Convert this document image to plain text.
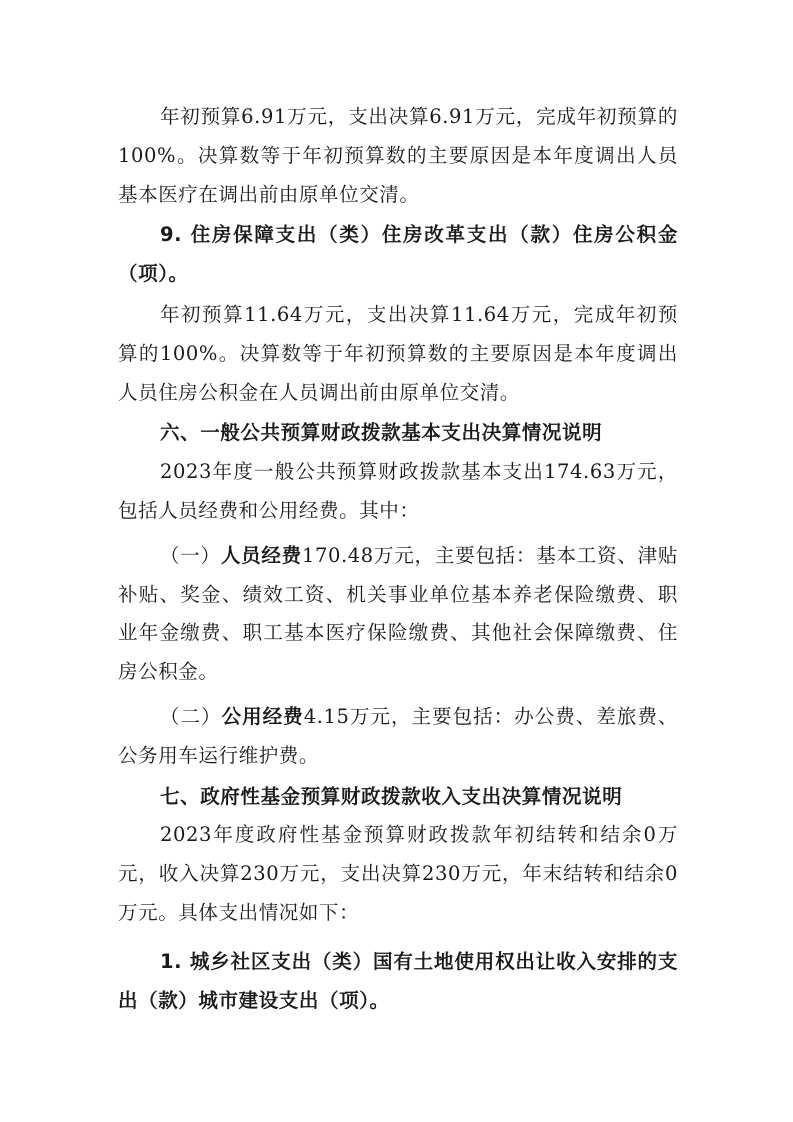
年初预算6.91万元，支出决算6.91万元，完成年初预算的100%。决算数等于年初预算数的主要原因是本年度调出人员基本医疗在调出前由原单位交清。

9. 住房保障支出（类）住房改革支出（款）住房公积金（项）。

年初预算11.64万元，支出决算11.64万元，完成年初预算的100%。决算数等于年初预算数的主要原因是本年度调出人员住房公积金在人员调出前由原单位交清。

六、一般公共预算财政拨款基本支出决算情况说明

2023年度一般公共预算财政拨款基本支出174.63万元，包括人员经费和公用经费。其中：

（一）人员经费170.48万元，主要包括：基本工资、津贴补贴、奖金、绩效工资、机关事业单位基本养老保险缴费、职业年金缴费、职工基本医疗保险缴费、其他社会保障缴费、住房公积金。

（二）公用经费4.15万元，主要包括：办公费、差旅费、公务用车运行维护费。

七、政府性基金预算财政拨款收入支出决算情况说明

2023年度政府性基金预算财政拨款年初结转和结余0万元，收入决算230万元，支出决算230万元，年末结转和结余0万元。具体支出情况如下：

1. 城乡社区支出（类）国有土地使用权出让收入安排的支出（款）城市建设支出（项）。
